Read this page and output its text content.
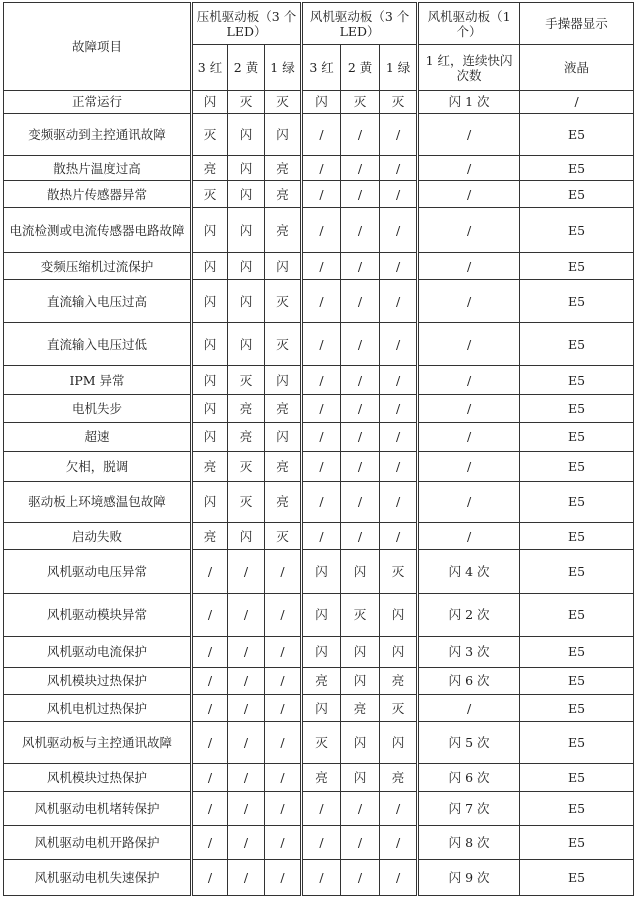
故障项目	压机驱动板（3 个 LED）			风机驱动板（3 个 LED）			风机驱动板（1 个）	手操器显示
	3 红	2 黄	1 绿	3 红	2 黄	1 绿	1 红，连续快闪次数	液晶
正常运行	闪	灭	灭	闪	灭	灭	闪 1 次	/
变频驱动到主控通讯故障	灭	闪	闪	/	/	/	/	E5
散热片温度过高	亮	闪	亮	/	/	/	/	E5
散热片传感器异常	灭	闪	亮	/	/	/	/	E5
电流检测或电流传感器电路故障	闪	闪	亮	/	/	/	/	E5
变频压缩机过流保护	闪	闪	闪	/	/	/	/	E5
直流输入电压过高	闪	闪	灭	/	/	/	/	E5
直流输入电压过低	闪	闪	灭	/	/	/	/	E5
IPM 异常	闪	灭	闪	/	/	/	/	E5
电机失步	闪	亮	亮	/	/	/	/	E5
超速	闪	亮	闪	/	/	/	/	E5
欠相，脱调	亮	灭	亮	/	/	/	/	E5
驱动板上环境感温包故障	闪	灭	亮	/	/	/	/	E5
启动失败	亮	闪	灭	/	/	/	/	E5
风机驱动电压异常	/	/	/	闪	闪	灭	闪 4 次	E5
风机驱动模块异常	/	/	/	闪	灭	闪	闪 2 次	E5
风机驱动电流保护	/	/	/	闪	闪	闪	闪 3 次	E5
风机模块过热保护	/	/	/	亮	闪	亮	闪 6 次	E5
风机电机过热保护	/	/	/	闪	亮	灭	/	E5
风机驱动板与主控通讯故障	/	/	/	灭	闪	闪	闪 5 次	E5
风机模块过热保护	/	/	/	亮	闪	亮	闪 6 次	E5
风机驱动电机堵转保护	/	/	/	/	/	/	闪 7 次	E5
风机驱动电机开路保护	/	/	/	/	/	/	闪 8 次	E5
风机驱动电机失速保护	/	/	/	/	/	/	闪 9 次	E5
